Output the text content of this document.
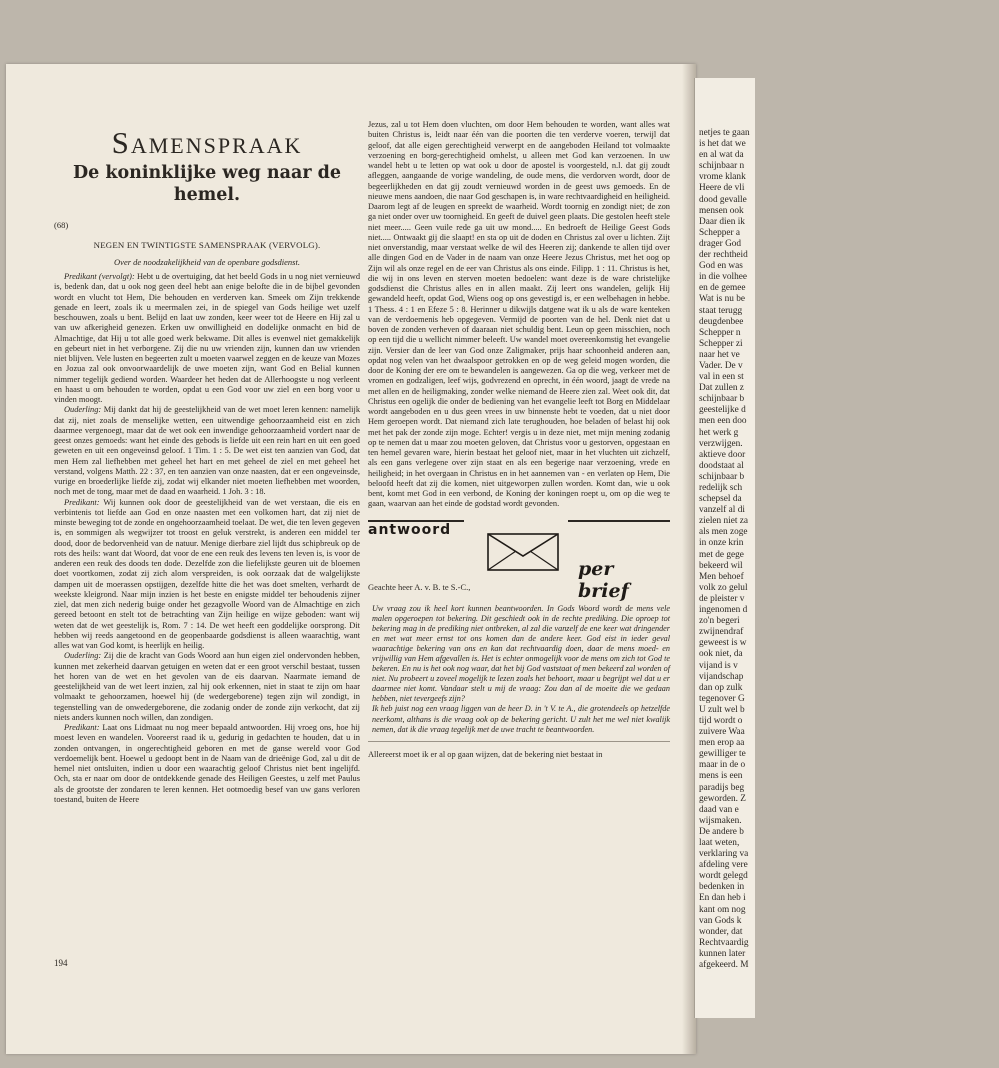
netjes te gaan
is het dat we
en al wat da
schijnbaar n
vrome klank
Heere de vli
dood gevalle
mensen ook
Daar dien ik
Schepper a
drager God
der rechtheid
God en was
in die volhee
en de gemee
Wat is nu be
staat terugg
deugdenbee
Schepper n
Schepper zi
naar het ve
Vader. De v
val in een st
Dat zullen z
schijnbaar b
geestelijke d
men een doo
het werk g
verzwijgen.
aktieve door
doodstaat al
schijnbaar b
redelijk sch
schepsel da
vanzelf al di
zielen niet za
als men zoge
in onze krin
met de gege
bekeerd wil
Men behoef
volk zo gelul
de pleister v
ingenomen d
zo'n begeri
zwijnendraf
geweest is w
ook niet, da
vijand is v
vijandschap
dan op zulk
tegenover G
U zult wel b
tijd wordt o
zuivere Waa
men erop aa
gewilliger te
maar in de o
mens is een
paradijs beg
geworden. Z
daad van e
wijsmaken.
De andere b
laat weten,
verklaring va
afdeling vere
wordt gelegd
bedenken in
En dan heb i
kant om nog
van Gods k
wonder, dat
Rechtvaardig
kunnen later
afgekeerd. M
Samenspraak
De koninklijke weg naar de hemel.
(68)
NEGEN EN TWINTIGSTE SAMENSPRAAK (VERVOLG).
Over de noodzakelijkheid van de openbare godsdienst.

Predikant (vervolgt): Hebt u de overtuiging, dat het beeld Gods in u nog niet vernieuwd is, bedenk dan, dat u ook nog geen deel hebt aan enige belofte die in de bijbel gevonden wordt en vlucht tot Hem, Die behouden en verderven kan. Smeek om Zijn trekkende genade en leert, zoals ik u meermalen zei, in de spiegel van Gods heilige wet uzelf beschouwen, zoals u bent. Belijd en laat uw zonden, keer weer tot de Heere en Hij zal u van uw afkerigheid genezen. Erken uw onwilligheid en dodelijke onmacht en bid de Almachtige, dat Hij u tot alle goed werk bekwame. Dit alles is evenwel niet gemakkelijk en gebeurt niet in het verborgene. Zij die nu uw vrienden zijn, kunnen dan uw vrienden niet blijven. Vele lusten en begeerten zult u moeten vaarwel zeggen en de keuze van Mozes en Jozua zal ook onvoorwaardelijk de uwe moeten zijn, want God en Belial kunnen nimmer tegelijk gediend worden. Waardeer het heden dat de Allerhoogste u nog verleent en haast u om behouden te worden, opdat u een God voor uw ziel en een borg voor u vinden moogt.

Ouderling: Mij dankt dat hij de geestelijkheid van de wet moet leren kennen: namelijk dat zij, niet zoals de menselijke wetten, een uitwendige gehoorzaamheid eist en zich daarmee vergenoegt, maar dat de wet ook een inwendige gehoorzaamheid vordert naar de geest onzes gemoeds: want het einde des gebods is liefde uit een rein hart en uit een goed geweten en uit een ongeveinsd geloof. 1 Tim. 1 : 5. De wet eist ten aanzien van God, dat men Hem zal liefhebben met geheel het hart en met geheel de ziel en met geheel het verstand, volgens Matth. 22 : 37, en ten aanzien van onze naasten, dat er een ongeveinsde, vurige en broederlijke liefde zij, zodat wij elkander niet moeten liefhebben met woorden, noch met de tong, maar met de daad en waarheid. 1 Joh. 3 : 18.

Predikant: Wij kunnen ook door de geestelijkheid van de wet verstaan, die eis en verbintenis tot liefde aan God en onze naasten met een volkomen hart, dat zij niet de minste beweging tot de zonde en ongehoorzaamheid toelaat. De wet, die ten leven gegeven is, en sommigen als wegwijzer tot troost en geluk verstrekt, is anderen een middel ter dood, door de bedorvenheid van de natuur. Menige dierbare ziel lijdt dus schipbreuk op de rots des heils: want dat Woord, dat voor de ene een reuk des levens ten leven is, is voor de anderen een reuk des doods ten dode. Dezelfde zon die liefelijkste geuren uit de bloemen doet voortkomen, zodat zij zich alom verspreiden, is ook oorzaak dat de walgelijkste dampen uit de moerassen opstijgen, dezelfde hitte die het was doet smelten, verhardt de weekste kleigrond. Naar mijn inzien is het beste en enigste middel ter behoudenis zijner ziel, dat men zich nederig buige onder het gezagvolle Woord van de Almachtige en zich gereed betoont en stelt tot de betrachting van Zijn heilige en wijze geboden: want wij weten dat de wet geestelijk is, Rom. 7 : 14. De wet heeft een goddelijke oorsprong. Dit hebben wij reeds aangetoond en de geopenbaarde godsdienst is alleen waarachtig, want alles wat van God komt, is heerlijk en heilig.

Ouderling: Zij die de kracht van Gods Woord aan hun eigen ziel ondervonden hebben, kunnen met zekerheid daarvan getuigen en weten dat er een groot verschil bestaat, tussen het horen van de wet en het gevolen van de eis daarvan. Naarmate iemand de geestelijkheid van de wet leert inzien, zal hij ook erkennen, niet in staat te zijn om haar volmaakt te gehoorzamen, hoewel hij (de wedergeborene) tegen zijn wil zondigt, in tegenstelling van de onwedergeborene, die zodanig onder de zonde zijn verkocht, dat zij niets anders kunnen noch willen, dan zondigen.

Predikant: Laat ons Lidmaat nu nog meer bepaald antwoorden. Hij vroeg ons, hoe hij moest leven en wandelen. Vooreerst raad ik u, gedurig in gedachten te houden, dat u in zonden ontvangen, in ongerechtigheid geboren en met de ganse wereld voor God verdoemelijk bent. Hoewel u gedoopt bent in de Naam van de drieënige God, zal u dit de hemel niet ontsluiten, indien u door een waarachtig geloof Christus niet bent ingelijfd. Och, sta er naar om door de ontdekkende genade des Heiligen Geestes, u zelf met Paulus als de grootste der zondaren te leren kennen. Het ootmoedig besef van uw gans verloren toestand, buiten de Heere

Jezus, zal u tot Hem doen vluchten, om door Hem behouden te worden, want alles wat buiten Christus is, leidt naar één van die poorten die ten verderve voeren, terwijl dat geloof, dat alle eigen gerechtigheid verwerpt en de aangeboden Heiland tot volmaakte verzoening en borg-gerechtigheid omhelst, u alleen met God kan verzoenen. In uw wandel hebt u te letten op wat ook u door de apostel is voorgesteld, n.l. dat gij zoudt afleggen, aangaande de vorige wandeling, de oude mens, die verdorven wordt, door de begeerlijkheden en dat gij zoudt vernieuwd worden in de geest uws gemoeds. En de nieuwe mens aandoen, die naar God geschapen is, in ware rechtvaardigheid en heiligheid. Daarom legt af de leugen en spreekt de waarheid. Wordt toornig en zondigt niet; de zon ga niet onder over uw toornigheid. En geeft de duivel geen plaats. Die gestolen heeft stele niet meer..... Geen vuile rede ga uit uw mond..... En bedroeft de Heilige Geest Gods niet..... Ontwaakt gij die slaapt! en sta op uit de doden en Christus zal over u lichten. Zijt niet onverstandig, maar verstaat welke de wil des Heeren zij; dankende te allen tijd over alle dingen God en de Vader in de naam van onze Heere Jezus Christus, met het oog op Zijn wil als onze regel en de eer van Christus als ons einde. Filipp. 1 : 11. Christus is het, die wij in ons leven en sterven moeten bedoelen: want deze is de ware christelijke godsdienst die Christus alles en in allen maakt. Zij leert ons wandelen, gelijk Hij gewandeld heeft, opdat God, Wiens oog op ons gevestigd is, er een welbehagen in hebbe. 1 Thess. 4 : 1 en Efeze 5 : 8. Herinner u dikwijls datgene wat ik u als de ware kenteken van de verdoemenis heb opgegeven. Vermijd de poorten van de hel. Denk niet dat u boven de zonden verheven of daaraan niet schuldig bent. Leun op geen misschien, noch op een tijd die u wellicht nimmer beleeft. Uw wandel moet overeenkomstig het evangelie zijn. Versier dan de leer van God onze Zaligmaker, prijs haar schoonheid anderen aan, opdat nog velen van het dwaalspoor getrokken en op de weg geleid mogen worden, die door de Koning der ere om te bewandelen is aangewezen. Ga op die weg, verkeer met de vromen en godzaligen, leef wijs, godvrezend en oprecht, in één woord, jaagt de vrede na met allen en de heiligmaking, zonder welke niemand de Heere zien zal. Weet ook dit, dat Christus een ogelijk die onder de bediening van het evangelie leeft tot Borg en Middelaar wordt aangeboden en u dus geen vrees in uw binnenste hebt te voeden, dat u niet door Hem geroepen wordt. Dat niemand zich late terughouden, hoe beladen of belast hij ook met het pak der zonde zijn moge. Echter! vergis u in deze niet, met mijn mening zodanig op te nemen dat u maar zou moeten geloven, dat Christus voor u gestorven, opgestaan en ten hemel gevaren ware, hierin bestaat het geloof niet, maar in het vluchten uit zichzelf, als een gans verlegene over zijn staat en als een begerige naar verzoening, vrede en heiligheid; in het overgaan in Christus en in het aannemen van - en verlaten op Hem, Die beloofd heeft dat zij die komen, niet uitgeworpen zullen worden. Komt dan, wie u ook bent, komt met God in een verbond, de Koning der koningen roept u, om op die weg te gaan, waarvan aan het einde de godstad wordt gevonden.

antwoord
per brief
Geachte heer A. v. B. te S.-C.,

Uw vraag zou ik heel kort kunnen beantwoorden. In Gods Woord wordt de mens vele malen opgeroepen tot bekering. Dit geschiedt ook in de rechte prediking. Die oproep tot bekering mag in de prediking niet ontbreken, al zal die vanzelf de ene keer wat dringender en met wat meer ernst tot ons komen dan de andere keer. God eist in ieder geval waarachtige bekering van ons en kan dat rechtvaardig doen, daar de mens moed- en vrijwillig van Hem afgevallen is. Het is echter onmogelijk voor de mens om zich tot God te bekeren. En nu is het ook nog waar, dat het bij God vaststaat of men bekeerd zal worden of niet. Nu probeert u zoveel mogelijk te lezen zoals het behoort, maar u begrijpt wel dat u er daarmee niet komt. Vandaar stelt u mij de vraag: Zou dan al de moeite die we gedaan hebben, niet tevergeefs zijn?

Ik heb juist nog een vraag liggen van de heer D. in 't V. te A., die grotendeels op hetzelfde neerkomt, althans is die vraag ook op de bekering gericht. U zult het me wel niet kwalijk nemen, dat ik die vraag tegelijk met de uwe tracht te beantwoorden.

Allereerst moet ik er al op gaan wijzen, dat de bekering niet bestaat in
194
